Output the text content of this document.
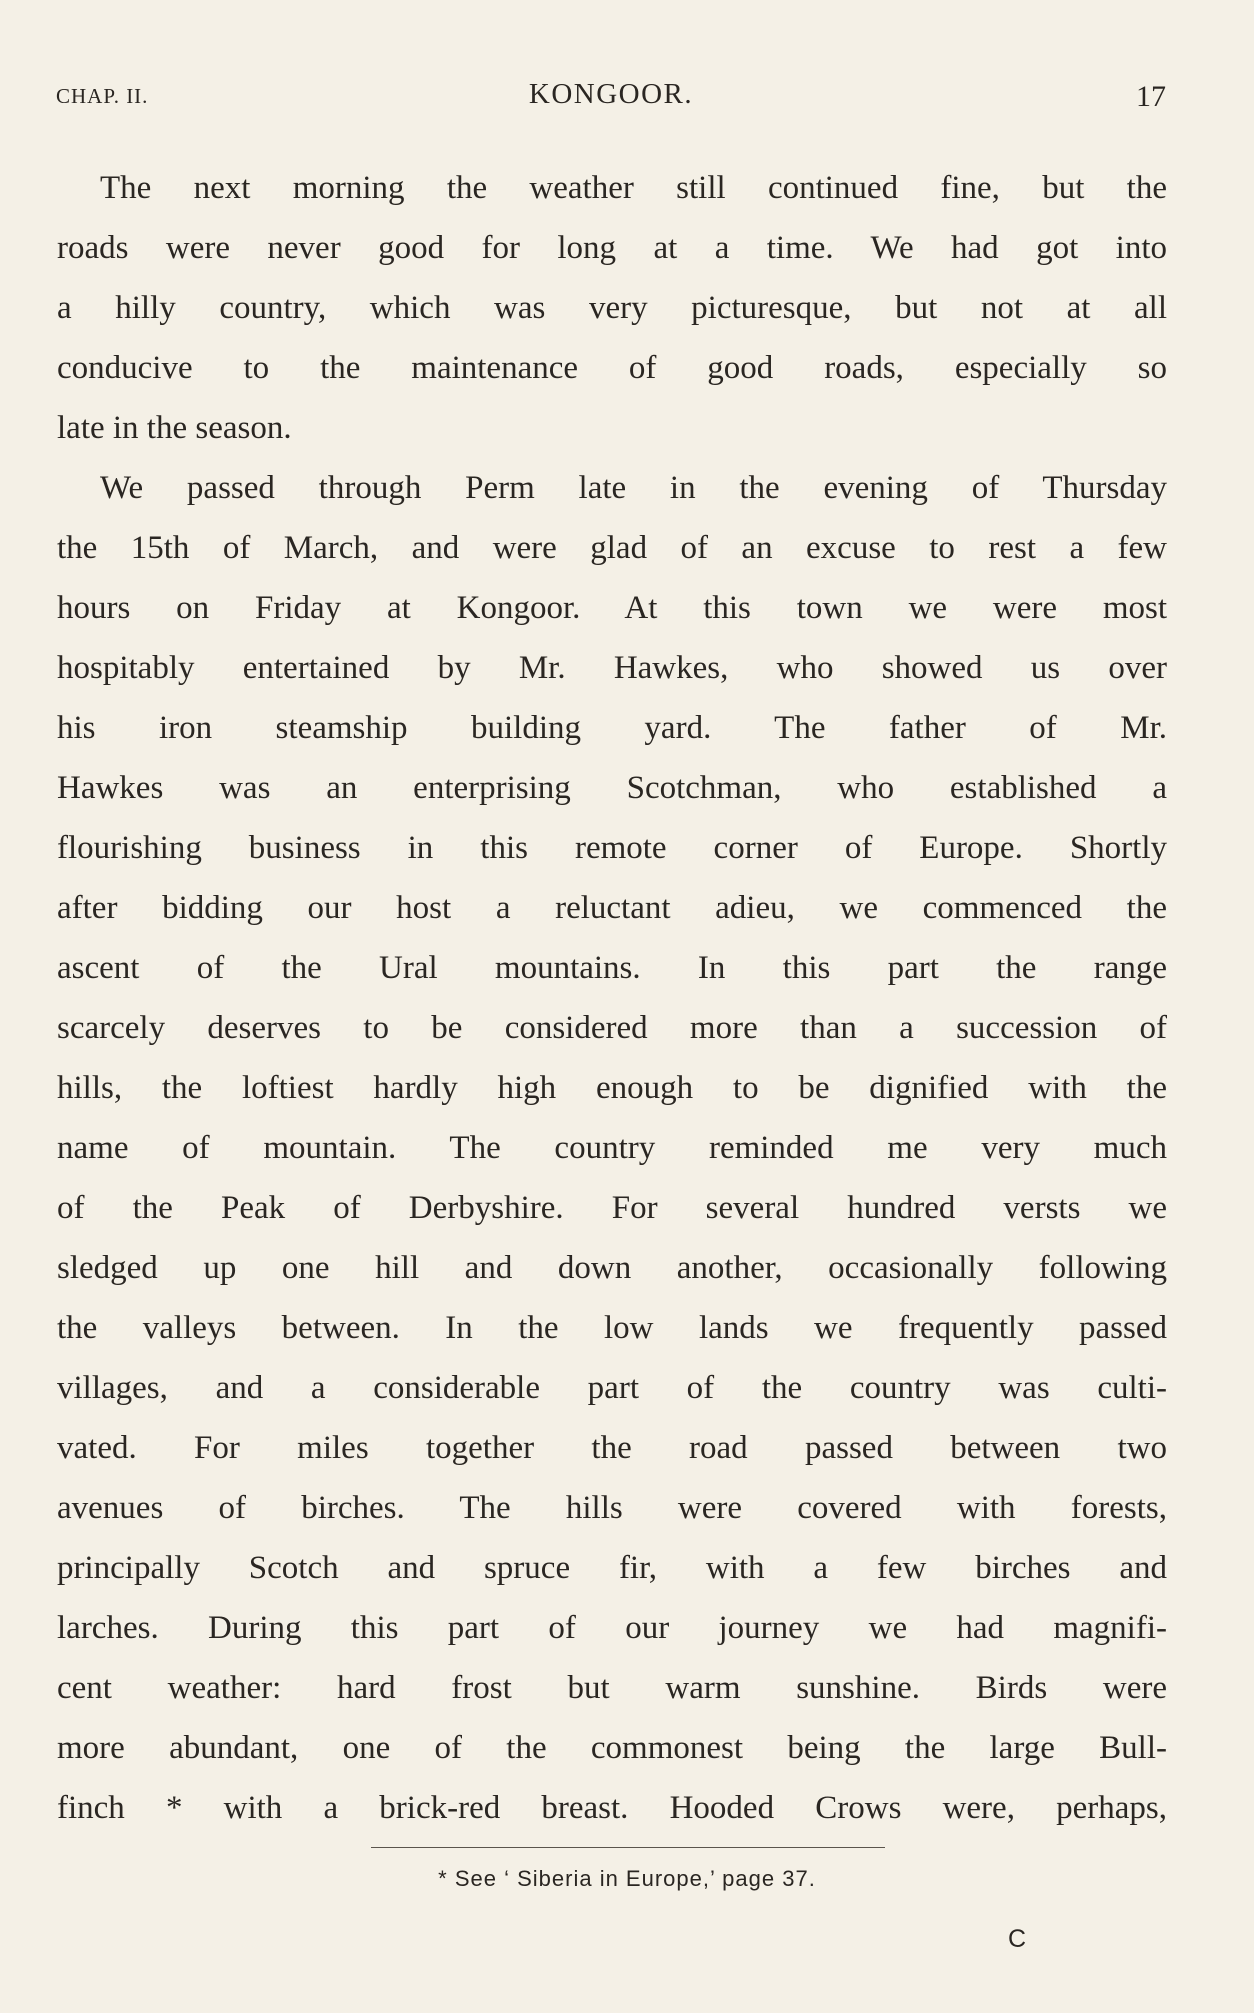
CHAP. II.	KONGOOR.	17
The next morning the weather still continued fine, but the
roads were never good for long at a time. We had got into
a hilly country, which was very picturesque, but not at all
conducive to the maintenance of good roads, especially so
late in the season.
We passed through Perm late in the evening of Thursday
the 15th of March, and were glad of an excuse to rest a few
hours on Friday at Kongoor. At this town we were most
hospitably entertained by Mr. Hawkes, who showed us over
his iron steamship building yard. The father of Mr.
Hawkes was an enterprising Scotchman, who established a
flourishing business in this remote corner of Europe. Shortly
after bidding our host a reluctant adieu, we commenced the
ascent of the Ural mountains. In this part the range
scarcely deserves to be considered more than a succession of
hills, the loftiest hardly high enough to be dignified with the
name of mountain. The country reminded me very much
of the Peak of Derbyshire. For several hundred versts we
sledged up one hill and down another, occasionally following
the valleys between. In the low lands we frequently passed
villages, and a considerable part of the country was culti-
vated. For miles together the road passed between two
avenues of birches. The hills were covered with forests,
principally Scotch and spruce fir, with a few birches and
larches. During this part of our journey we had magnifi-
cent weather: hard frost but warm sunshine. Birds were
more abundant, one of the commonest being the large Bull-
finch * with a brick-red breast. Hooded Crows were, perhaps,
* See ‘ Siberia in Europe,’ page 37.
C
